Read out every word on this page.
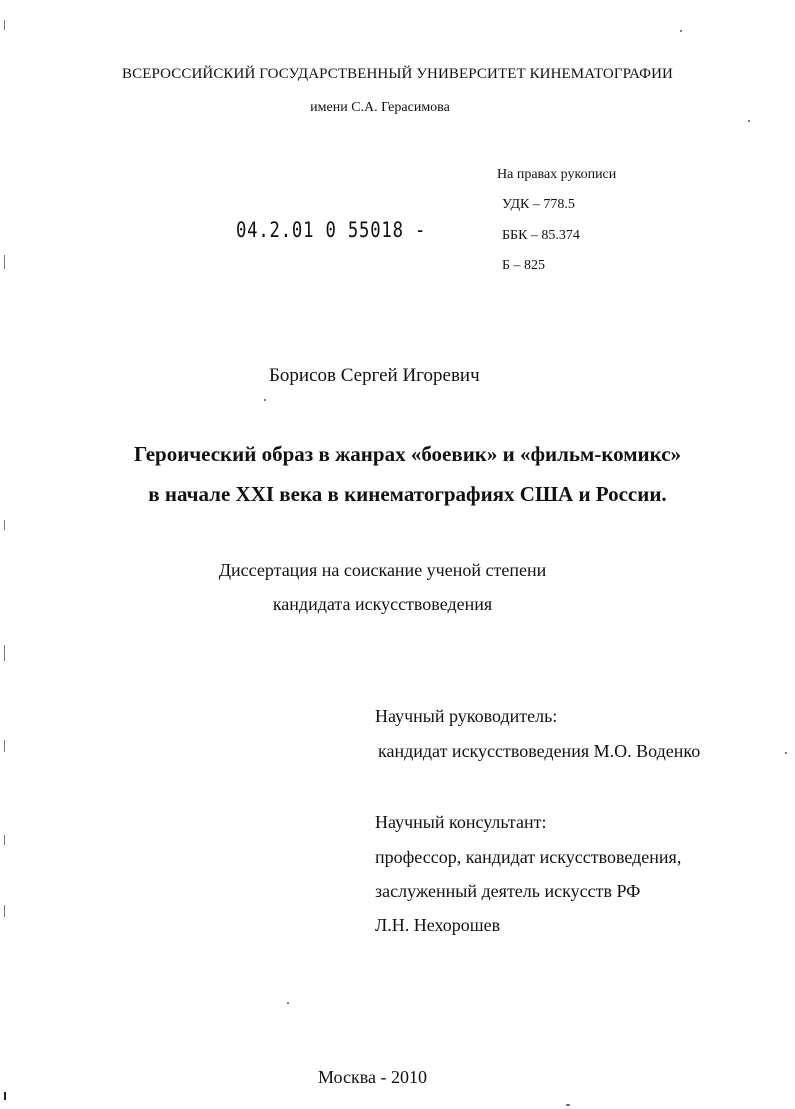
ВСЕРОССИЙСКИЙ ГОСУДАРСТВЕННЫЙ УНИВЕРСИТЕТ КИНЕМАТОГРАФИИ
имени С.А. Герасимова
На правах рукописи
УДК – 778.5
ББК – 85.374
Б – 825
04.2.01 0 55018 -
Борисов Сергей Игоревич
Героический образ в жанрах «боевик» и «фильм-комикс»
в начале XXI века в кинематографиях США и России.
Диссертация на соискание ученой степени
кандидата искусствоведения
Научный руководитель:
кандидат искусствоведения М.О. Воденко
Научный консультант:
профессор, кандидат искусствоведения,
заслуженный деятель искусств РФ
Л.Н. Нехорошев
Москва - 2010
